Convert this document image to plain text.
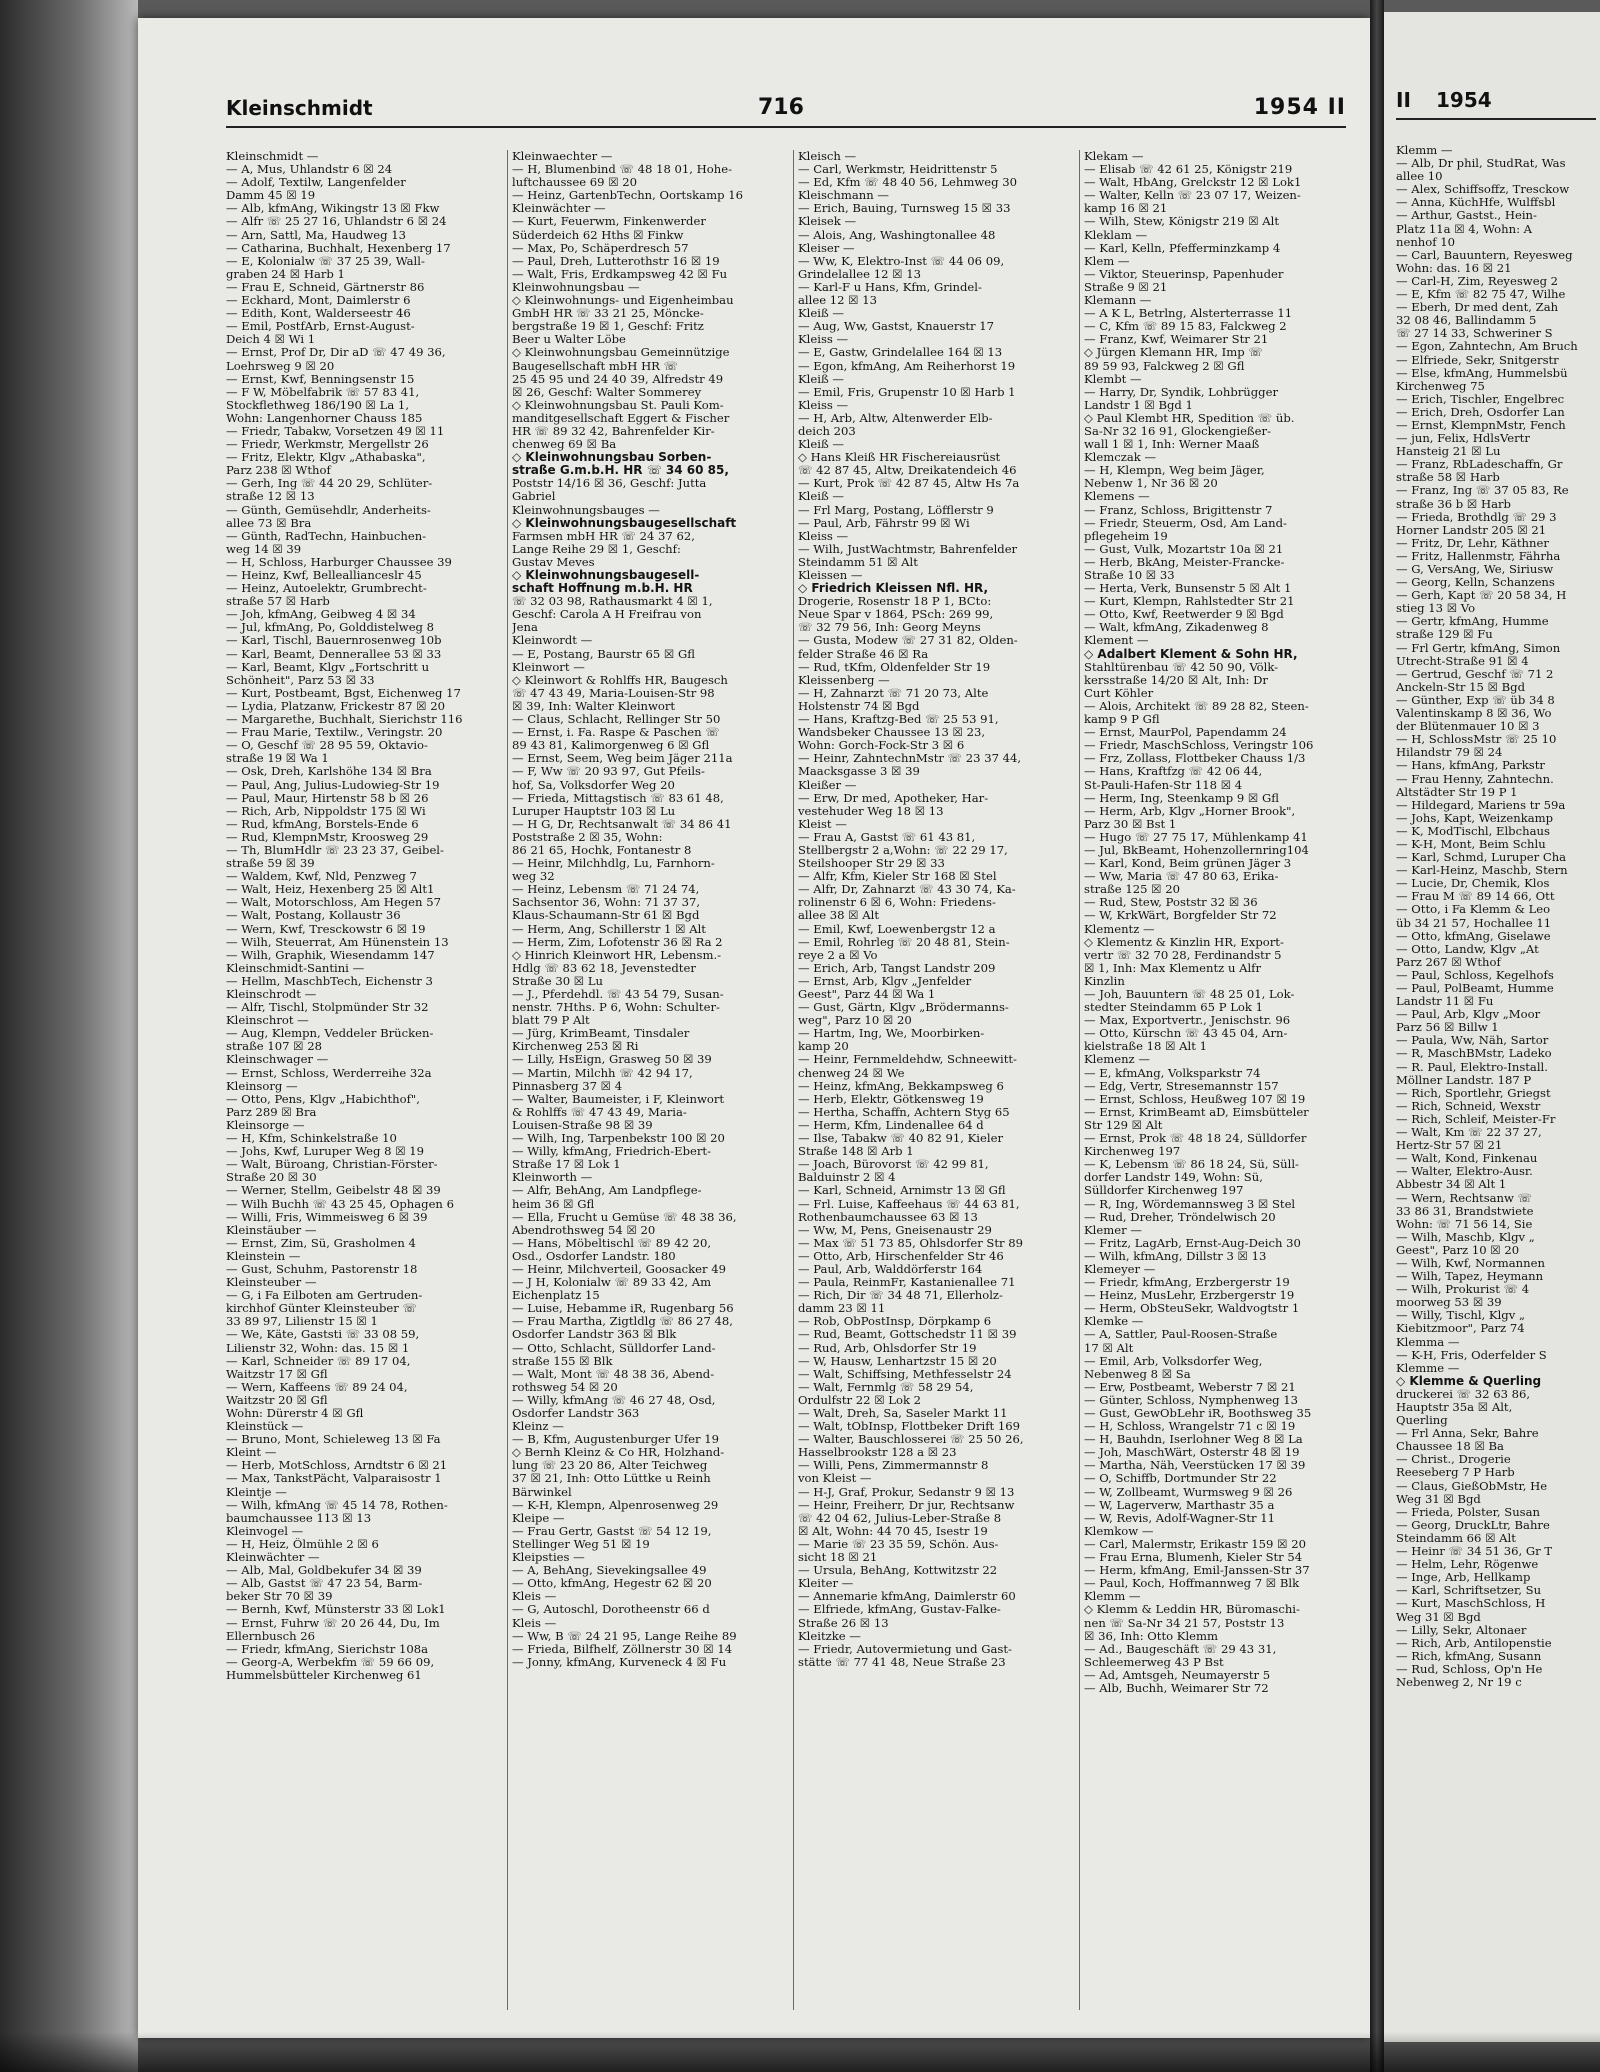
Kleinschmidt	716	1954 II
Kleinschmidt —
— A, Mus, Uhlandstr 6 ☒ 24
— Adolf, Textilw, Langenfelder
Damm 45 ☒ 19
— Alb, kfmAng, Wikingstr 13 ☒ Fkw
— Alfr ☏ 25 27 16, Uhlandstr 6 ☒ 24
— Arn, Sattl, Ma, Haudweg 13
— Catharina, Buchhalt, Hexenberg 17
— E, Kolonialw ☏ 37 25 39, Wall-
graben 24 ☒ Harb 1
— Frau E, Schneid, Gärtnerstr 86
— Eckhard, Mont, Daimlerstr 6
— Edith, Kont, Walderseestr 46
— Emil, PostfArb, Ernst-August-
Deich 4 ☒ Wi 1
— Ernst, Prof Dr, Dir aD ☏ 47 49 36,
Loehrsweg 9 ☒ 20
— Ernst, Kwf, Benningsenstr 15
— F W, Möbelfabrik ☏ 57 83 41,
Stockflethweg 186/190 ☒ La 1,
Wohn: Langenhorner Chauss 185
— Friedr, Tabakw, Vorsetzen 49 ☒ 11
— Friedr, Werkmstr, Mergellstr 26
— Fritz, Elektr, Klgv „Athabaska",
Parz 238 ☒ Wthof
— Gerh, Ing ☏ 44 20 29, Schlüter-
straße 12 ☒ 13
— Günth, Gemüsehdlr, Anderheits-
allee 73 ☒ Bra
— Günth, RadTechn, Hainbuchen-
weg 14 ☒ 39
— H, Schloss, Harburger Chaussee 39
— Heinz, Kwf, Belleallianceslr 45
— Heinz, Autoelektr, Grumbrecht-
straße 57 ☒ Harb
— Joh, kfmAng, Geibweg 4 ☒ 34
— Jul, kfmAng, Po, Golddistelweg 8
— Karl, Tischl, Bauernrosenweg 10b
— Karl, Beamt, Dennerallee 53 ☒ 33
— Karl, Beamt, Klgv „Fortschritt u
Schönheit", Parz 53 ☒ 33
— Kurt, Postbeamt, Bgst, Eichenweg 17
— Lydia, Platzanw, Frickestr 87 ☒ 20
— Margarethe, Buchhalt, Sierichstr 116
— Frau Marie, Textilw., Veringstr. 20
— O, Geschf ☏ 28 95 59, Oktavio-
straße 19 ☒ Wa 1
— Osk, Dreh, Karlshöhe 134 ☒ Bra
— Paul, Ang, Julius-Ludowieg-Str 19
— Paul, Maur, Hirtenstr 58 b ☒ 26
— Rich, Arb, Nippoldstr 175 ☒ Wi
— Rud, kfmAng, Borstels-Ende 6
— Rud, KlempnMstr, Kroosweg 29
— Th, BlumHdlr ☏ 23 23 37, Geibel-
straße 59 ☒ 39
— Waldem, Kwf, Nld, Penzweg 7
— Walt, Heiz, Hexenberg 25 ☒ Alt1
— Walt, Motorschloss, Am Hegen 57
— Walt, Postang, Kollaustr 36
— Wern, Kwf, Tresckowstr 6 ☒ 19
— Wilh, Steuerrat, Am Hünenstein 13
— Wilh, Graphik, Wiesendamm 147
Kleinschmidt-Santini —
— Hellm, MaschbTech, Eichenstr 3
Kleinschrodt —
— Alfr, Tischl, Stolpmünder Str 32
Kleinschrot —
— Aug, Klempn, Veddeler Brücken-
straße 107 ☒ 28
Kleinschwager —
— Ernst, Schloss, Werderreihe 32a
Kleinsorg —
— Otto, Pens, Klgv „Habichthof",
Parz 289 ☒ Bra
Kleinsorge —
— H, Kfm, Schinkelstraße 10
— Johs, Kwf, Luruper Weg 8 ☒ 19
— Walt, Büroang, Christian-Förster-
Straße 20 ☒ 30
— Werner, Stellm, Geibelstr 48 ☒ 39
— Wilh Buchh ☏ 43 25 45, Ophagen 6
— Willi, Fris, Wimmeisweg 6 ☒ 39
Kleinstäuber —
— Ernst, Zim, Sü, Grasholmen 4
Kleinstein —
— Gust, Schuhm, Pastorenstr 18
Kleinsteuber —
— G, i Fa Eilboten am Gertruden-
kirchhof Günter Kleinsteuber ☏
33 89 97, Lilienstr 15 ☒ 1
— We, Käte, Gaststi ☏ 33 08 59,
Lilienstr 32, Wohn: das. 15 ☒ 1
— Karl, Schneider ☏ 89 17 04,
Waitzstr 17 ☒ Gfl
— Wern, Kaffeens ☏ 89 24 04,
Waitzstr 20 ☒ Gfl
Wohn: Dürerstr 4 ☒ Gfl
Kleinstück —
— Bruno, Mont, Schieleweg 13 ☒ Fa
Kleint —
— Herb, MotSchloss, Arndtstr 6 ☒ 21
— Max, TankstPächt, Valparaisostr 1
Kleintje —
— Wilh, kfmAng ☏ 45 14 78, Rothen-
baumchaussee 113 ☒ 13
Kleinvogel —
— H, Heiz, Ölmühle 2 ☒ 6
Kleinwächter —
— Alb, Mal, Goldbekufer 34 ☒ 39
— Alb, Gastst ☏ 47 23 54, Barm-
beker Str 70 ☒ 39
— Bernh, Kwf, Münsterstr 33 ☒ Lok1
— Ernst, Fuhrw ☏ 20 26 44, Du, Im
Ellernbusch 26
— Friedr, kfmAng, Sierichstr 108a
— Georg-A, Werbekfm ☏ 59 66 09,
Hummelsbütteler Kirchenweg 61
Kleinwaechter —
— H, Blumenbind ☏ 48 18 01, Hohe-
luftchaussee 69 ☒ 20
— Heinz, GartenbTechn, Oortskamp 16
Kleinwächter —
— Kurt, Feuerwm, Finkenwerder
Süderdeich 62 Hths ☒ Finkw
— Max, Po, Schäperdresch 57
— Paul, Dreh, Lutterothstr 16 ☒ 19
— Walt, Fris, Erdkampsweg 42 ☒ Fu
Kleinwohnungsbau —
◇ Kleinwohnungs- und Eigenheimbau
GmbH HR ☏ 33 21 25, Möncke-
bergstraße 19 ☒ 1, Geschf: Fritz
Beer u Walter Löbe
◇ Kleinwohnungsbau Gemeinnützige
Baugesellschaft mbH HR ☏
25 45 95 und 24 40 39, Alfredstr 49
☒ 26, Geschf: Walter Sommerey
◇ Kleinwohnungsbau St. Pauli Kom-
manditgesellschaft Eggert & Fischer
HR ☏ 89 32 42, Bahrenfelder Kir-
chenweg 69 ☒ Ba
◇ Kleinwohnungsbau Sorben-
straße G.m.b.H. HR ☏ 34 60 85,
Poststr 14/16 ☒ 36, Geschf: Jutta
Gabriel
Kleinwohnungsbauges —
◇ Kleinwohnungsbaugesellschaft
Farmsen mbH HR ☏ 24 37 62,
Lange Reihe 29 ☒ 1, Geschf:
Gustav Meves
◇ Kleinwohnungsbaugesell-
schaft Hoffnung m.b.H. HR
☏ 32 03 98, Rathausmarkt 4 ☒ 1,
Geschf: Carola A H Freifrau von
Jena
Kleinwordt —
— E, Postang, Baurstr 65 ☒ Gfl
Kleinwort —
◇ Kleinwort & Rohlffs HR, Baugesch
☏ 47 43 49, Maria-Louisen-Str 98
☒ 39, Inh: Walter Kleinwort
— Claus, Schlacht, Rellinger Str 50
— Ernst, i. Fa. Raspe & Paschen ☏
89 43 81, Kalimorgenweg 6 ☒ Gfl
— Ernst, Seem, Weg beim Jäger 211a
— F, Ww ☏ 20 93 97, Gut Pfeils-
hof, Sa, Volksdorfer Weg 20
— Frieda, Mittagstisch ☏ 83 61 48,
Luruper Hauptstr 103 ☒ Lu
— H G, Dr, Rechtsanwalt ☏ 34 86 41
Poststraße 2 ☒ 35, Wohn:
86 21 65, Hochk, Fontanestr 8
— Heinr, Milchhdlg, Lu, Farnhorn-
weg 32
— Heinz, Lebensm ☏ 71 24 74,
Sachsentor 36, Wohn: 71 37 37,
Klaus-Schaumann-Str 61 ☒ Bgd
— Herm, Ang, Schillerstr 1 ☒ Alt
— Herm, Zim, Lofotenstr 36 ☒ Ra 2
◇ Hinrich Kleinwort HR, Lebensm.-
Hdlg ☏ 83 62 18, Jevenstedter
Straße 30 ☒ Lu
— J., Pferdehdl. ☏ 43 54 79, Susan-
nenstr. 7Hths. P 6, Wohn: Schulter-
blatt 79 P Alt
— Jürg, KrimBeamt, Tinsdaler
Kirchenweg 253 ☒ Ri
— Lilly, HsEign, Grasweg 50 ☒ 39
— Martin, Milchh ☏ 42 94 17,
Pinnasberg 37 ☒ 4
— Walter, Baumeister, i F, Kleinwort
& Rohlffs ☏ 47 43 49, Maria-
Louisen-Straße 98 ☒ 39
— Wilh, Ing, Tarpenbekstr 100 ☒ 20
— Willy, kfmAng, Friedrich-Ebert-
Straße 17 ☒ Lok 1
Kleinworth —
— Alfr, BehAng, Am Landpflege-
heim 36 ☒ Gfl
— Ella, Frucht u Gemüse ☏ 48 38 36,
Abendrothsweg 54 ☒ 20
— Hans, Möbeltischl ☏ 89 42 20,
Osd., Osdorfer Landstr. 180
— Heinr, Milchverteil, Goosacker 49
— J H, Kolonialw ☏ 89 33 42, Am
Eichenplatz 15
— Luise, Hebamme iR, Rugenbarg 56
— Frau Martha, Zigtldlg ☏ 86 27 48,
Osdorfer Landstr 363 ☒ Blk
— Otto, Schlacht, Sülldorfer Land-
straße 155 ☒ Blk
— Walt, Mont ☏ 48 38 36, Abend-
rothsweg 54 ☒ 20
— Willy, kfmAng ☏ 46 27 48, Osd,
Osdorfer Landstr 363
Kleinz —
— B, Kfm, Augustenburger Ufer 19
◇ Bernh Kleinz & Co HR, Holzhand-
lung ☏ 23 20 86, Alter Teichweg
37 ☒ 21, Inh: Otto Lüttke u Reinh
Bärwinkel
— K-H, Klempn, Alpenrosenweg 29
Kleipe —
— Frau Gertr, Gastst ☏ 54 12 19,
Stellinger Weg 51 ☒ 19
Kleipsties —
— A, BehAng, Sievekingsallee 49
— Otto, kfmAng, Hegestr 62 ☒ 20
Kleis —
— G, Autoschl, Dorotheenstr 66 d
Kleis —
— Ww, B ☏ 24 21 95, Lange Reihe 89
— Frieda, Bilfhelf, Zöllnerstr 30 ☒ 14
— Jonny, kfmAng, Kurveneck 4 ☒ Fu
Kleisch —
— Carl, Werkmstr, Heidrittenstr 5
— Ed, Kfm ☏ 48 40 56, Lehmweg 30
Kleischmann —
— Erich, Bauing, Turnsweg 15 ☒ 33
Kleisek —
— Alois, Ang, Washingtonallee 48
Kleiser —
— Ww, K, Elektro-Inst ☏ 44 06 09,
Grindelallee 12 ☒ 13
— Karl-F u Hans, Kfm, Grindel-
allee 12 ☒ 13
Kleiß —
— Aug, Ww, Gastst, Knauerstr 17
Kleiss —
— E, Gastw, Grindelallee 164 ☒ 13
— Egon, kfmAng, Am Reiherhorst 19
Kleiß —
— Emil, Fris, Grupenstr 10 ☒ Harb 1
Kleiss —
— H, Arb, Altw, Altenwerder Elb-
deich 203
Kleiß —
◇ Hans Kleiß HR Fischereiausrüst
☏ 42 87 45, Altw, Dreikatendeich 46
— Kurt, Prok ☏ 42 87 45, Altw Hs 7a
Kleiß —
— Frl Marg, Postang, Löfflerstr 9
— Paul, Arb, Fährstr 99 ☒ Wi
Kleiss —
— Wilh, JustWachtmstr, Bahrenfelder
Steindamm 51 ☒ Alt
Kleissen —
◇ Friedrich Kleissen Nfl. HR,
Drogerie, Rosenstr 18 P 1, BCto:
Neue Spar v 1864, PSch: 269 99,
☏ 32 79 56, Inh: Georg Meyns
— Gusta, Modew ☏ 27 31 82, Olden-
felder Straße 46 ☒ Ra
— Rud, tKfm, Oldenfelder Str 19
Kleissenberg —
— H, Zahnarzt ☏ 71 20 73, Alte
Holstenstr 74 ☒ Bgd
— Hans, Kraftzg-Bed ☏ 25 53 91,
Wandsbeker Chaussee 13 ☒ 23,
Wohn: Gorch-Fock-Str 3 ☒ 6
— Heinr, ZahntechnMstr ☏ 23 37 44,
Maacksgasse 3 ☒ 39
Kleißer —
— Erw, Dr med, Apotheker, Har-
vestehuder Weg 18 ☒ 13
Kleist —
— Frau A, Gastst ☏ 61 43 81,
Stellbergstr 2 a,Wohn: ☏ 22 29 17,
Steilshooper Str 29 ☒ 33
— Alfr, Kfm, Kieler Str 168 ☒ Stel
— Alfr, Dr, Zahnarzt ☏ 43 30 74, Ka-
rolinenstr 6 ☒ 6, Wohn: Friedens-
allee 38 ☒ Alt
— Emil, Kwf, Loewenbergstr 12 a
— Emil, Rohrleg ☏ 20 48 81, Stein-
reye 2 a ☒ Vo
— Erich, Arb, Tangst Landstr 209
— Ernst, Arb, Klgv „Jenfelder
Geest", Parz 44 ☒ Wa 1
— Gust, Gärtn, Klgv „Brödermanns-
weg", Parz 10 ☒ 20
— Hartm, Ing, We, Moorbirken-
kamp 20
— Heinr, Fernmeldehdw, Schneewitt-
chenweg 24 ☒ We
— Heinz, kfmAng, Bekkampsweg 6
— Herb, Elektr, Götkensweg 19
— Hertha, Schaffn, Achtern Styg 65
— Herm, Kfm, Lindenallee 64 d
— Ilse, Tabakw ☏ 40 82 91, Kieler
Straße 148 ☒ Arb 1
— Joach, Bürovorst ☏ 42 99 81,
Balduinstr 2 ☒ 4
— Karl, Schneid, Arnimstr 13 ☒ Gfl
— Frl. Luise, Kaffeehaus ☏ 44 63 81,
Rothenbaumchaussee 63 ☒ 13
— Ww, M, Pens, Gneisenaustr 29
— Max ☏ 51 73 85, Ohlsdorfer Str 89
— Otto, Arb, Hirschenfelder Str 46
— Paul, Arb, Walddörferstr 164
— Paula, ReinmFr, Kastanienallee 71
— Rich, Dir ☏ 34 48 71, Ellerholz-
damm 23 ☒ 11
— Rob, ObPostInsp, Dörpkamp 6
— Rud, Beamt, Gottschedstr 11 ☒ 39
— Rud, Arb, Ohlsdorfer Str 19
— W, Hausw, Lenhartzstr 15 ☒ 20
— Walt, Schiffsing, Methfesselstr 24
— Walt, Fernmlg ☏ 58 29 54,
Ordulfstr 22 ☒ Lok 2
— Walt, Dreh, Sa, Saseler Markt 11
— Walt, tObInsp, Flottbeker Drift 169
— Walter, Bauschlosserei ☏ 25 50 26,
Hasselbrookstr 128 a ☒ 23
— Willi, Pens, Zimmermannstr 8
von Kleist —
— H-J, Graf, Prokur, Sedanstr 9 ☒ 13
— Heinr, Freiherr, Dr jur, Rechtsanw
☏ 42 04 62, Julius-Leber-Straße 8
☒ Alt, Wohn: 44 70 45, Isestr 19
— Marie ☏ 23 35 59, Schön. Aus-
sicht 18 ☒ 21
— Ursula, BehAng, Kottwitzstr 22
Kleiter —
— Annemarie kfmAng, Daimlerstr 60
— Elfriede, kfmAng, Gustav-Falke-
Straße 26 ☒ 13
Kleitzke —
— Friedr, Autovermietung und Gast-
stätte ☏ 77 41 48, Neue Straße 23
Klekam —
— Elisab ☏ 42 61 25, Königstr 219
— Walt, HbAng, Grelckstr 12 ☒ Lok1
— Walter, Kelln ☏ 23 07 17, Weizen-
kamp 16 ☒ 21
— Wilh, Stew, Königstr 219 ☒ Alt
Kleklam —
— Karl, Kelln, Pfefferminzkamp 4
Klem —
— Viktor, Steuerinsp, Papenhuder
Straße 9 ☒ 21
Klemann —
— A K L, Betrlng, Alsterterrasse 11
— C, Kfm ☏ 89 15 83, Falckweg 2
— Franz, Kwf, Weimarer Str 21
◇ Jürgen Klemann HR, Imp ☏
89 59 93, Falckweg 2 ☒ Gfl
Klembt —
— Harry, Dr, Syndik, Lohbrügger
Landstr 1 ☒ Bgd 1
◇ Paul Klembt HR, Spedition ☏ üb.
Sa-Nr 32 16 91, Glockengießer-
wall 1 ☒ 1, Inh: Werner Maaß
Klemczak —
— H, Klempn, Weg beim Jäger,
Nebenw 1, Nr 36 ☒ 20
Klemens —
— Franz, Schloss, Brigittenstr 7
— Friedr, Steuerm, Osd, Am Land-
pflegeheim 19
— Gust, Vulk, Mozartstr 10a ☒ 21
— Herb, BkAng, Meister-Francke-
Straße 10 ☒ 33
— Herta, Verk, Bunsenstr 5 ☒ Alt 1
— Kurt, Klempn, Rahlstedter Str 21
— Otto, Kwf, Reetwerder 9 ☒ Bgd
— Walt, kfmAng, Zikadenweg 8
Klement —
◇ Adalbert Klement & Sohn HR,
Stahltürenbau ☏ 42 50 90, Völk-
kersstraße 14/20 ☒ Alt, Inh: Dr
Curt Köhler
— Alois, Architekt ☏ 89 28 82, Steen-
kamp 9 P Gfl
— Ernst, MaurPol, Papendamm 24
— Friedr, MaschSchloss, Veringstr 106
— Frz, Zollass, Flottbeker Chauss 1/3
— Hans, Kraftfzg ☏ 42 06 44,
St-Pauli-Hafen-Str 118 ☒ 4
— Herm, Ing, Steenkamp 9 ☒ Gfl
— Herm, Arb, Klgv „Horner Brook",
Parz 30 ☒ Bst 1
— Hugo ☏ 27 75 17, Mühlenkamp 41
— Jul, BkBeamt, Hohenzollernring104
— Karl, Kond, Beim grünen Jäger 3
— Ww, Maria ☏ 47 80 63, Erika-
straße 125 ☒ 20
— Rud, Stew, Poststr 32 ☒ 36
— W, KrkWärt, Borgfelder Str 72
Klementz —
◇ Klementz & Kinzlin HR, Export-
vertr ☏ 32 70 28, Ferdinandstr 5
☒ 1, Inh: Max Klementz u Alfr
Kinzlin
— Joh, Bauuntern ☏ 48 25 01, Lok-
stedter Steindamm 65 P Lok 1
— Max, Exportvertr., Jenischstr. 96
— Otto, Kürschn ☏ 43 45 04, Arn-
kielstraße 18 ☒ Alt 1
Klemenz —
— E, kfmAng, Volksparkstr 74
— Edg, Vertr, Stresemannstr 157
— Ernst, Schloss, Heußweg 107 ☒ 19
— Ernst, KrimBeamt aD, Eimsbütteler
Str 129 ☒ Alt
— Ernst, Prok ☏ 48 18 24, Sülldorfer
Kirchenweg 197
— K, Lebensm ☏ 86 18 24, Sü, Süll-
dorfer Landstr 149, Wohn: Sü,
Sülldorfer Kirchenweg 197
— R, Ing, Wördemannsweg 3 ☒ Stel
— Rud, Dreher, Tröndelwisch 20
Klemer —
— Fritz, LagArb, Ernst-Aug-Deich 30
— Wilh, kfmAng, Dillstr 3 ☒ 13
Klemeyer —
— Friedr, kfmAng, Erzbergerstr 19
— Heinz, MusLehr, Erzbergerstr 19
— Herm, ObSteuSekr, Waldvogtstr 1
Klemke —
— A, Sattler, Paul-Roosen-Straße
17 ☒ Alt
— Emil, Arb, Volksdorfer Weg,
Nebenweg 8 ☒ Sa
— Erw, Postbeamt, Weberstr 7 ☒ 21
— Günter, Schloss, Nymphenweg 13
— Gust, GewObLehr iR, Boothsweg 35
— H, Schloss, Wrangelstr 71 c ☒ 19
— H, Bauhdn, Iserlohner Weg 8 ☒ La
— Joh, MaschWärt, Osterstr 48 ☒ 19
— Martha, Näh, Veerstücken 17 ☒ 39
— O, Schiffb, Dortmunder Str 22
— W, Zollbeamt, Wurmsweg 9 ☒ 26
— W, Lagerverw, Marthastr 35 a
— W, Revis, Adolf-Wagner-Str 11
Klemkow —
— Carl, Malermstr, Erikastr 159 ☒ 20
— Frau Erna, Blumenh, Kieler Str 54
— Herm, kfmAng, Emil-Janssen-Str 37
— Paul, Koch, Hoffmannweg 7 ☒ Blk
Klemm —
◇ Klemm & Leddin HR, Büromaschi-
nen ☏ Sa-Nr 34 21 57, Poststr 13
☒ 36, Inh: Otto Klemm
— Ad., Baugeschäft ☏ 29 43 31,
Schleemerweg 43 P Bst
— Ad, Amtsgeh, Neumayerstr 5
— Alb, Buchh, Weimarer Str 72
II 1954
Klemm —
— Alb, Dr phil, StudRat, Was
allee 10
— Alex, Schiffsoffz, Tresckow
— Anna, KüchHfe, Wulffsbl
— Arthur, Gastst., Hein-
Platz 11a ☒ 4, Wohn: A
nenhof 10
— Carl, Bauuntern, Reyesweg
Wohn: das. 16 ☒ 21
— Carl-H, Zim, Reyesweg 2
— E, Kfm ☏ 82 75 47, Wilhe
— Eberh, Dr med dent, Zah
32 08 46, Ballindamm 5
☏ 27 14 33, Schweriner S
— Egon, Zahntechn, Am Bruch
— Elfriede, Sekr, Snitgerstr
— Else, kfmAng, Hummelsbü
Kirchenweg 75
— Erich, Tischler, Engelbrec
— Erich, Dreh, Osdorfer Lan
— Ernst, KlempnMstr, Fench
— jun, Felix, HdlsVertr
Hansteig 21 ☒ Lu
— Franz, RbLadeschaffn, Gr
straße 58 ☒ Harb
— Franz, Ing ☏ 37 05 83, Re
straße 36 b ☒ Harb
— Frieda, Brothdlg ☏ 29 3
Horner Landstr 205 ☒ 21
— Fritz, Dr, Lehr, Käthner
— Fritz, Hallenmstr, Fährha
— G, VersAng, We, Siriusw
— Georg, Kelln, Schanzens
— Gerh, Kapt ☏ 20 58 34, H
stieg 13 ☒ Vo
— Gertr, kfmAng, Humme
straße 129 ☒ Fu
— Frl Gertr, kfmAng, Simon
Utrecht-Straße 91 ☒ 4
— Gertrud, Geschf ☏ 71 2
Anckeln-Str 15 ☒ Bgd
— Günther, Exp ☏ üb 34 8
Valentinskamp 8 ☒ 36, Wo
der Blütenmauer 10 ☒ 3
— H, SchlossMstr ☏ 25 10
Hilandstr 79 ☒ 24
— Hans, kfmAng, Parkstr
— Frau Henny, Zahntechn.
Altstädter Str 19 P 1
— Hildegard, Mariens tr 59a
— Johs, Kapt, Weizenkamp
— K, ModTischl, Elbchaus
— K-H, Mont, Beim Schlu
— Karl, Schmd, Luruper Cha
— Karl-Heinz, Maschb, Stern
— Lucie, Dr, Chemik, Klos
— Frau M ☏ 89 14 66, Ott
— Otto, i Fa Klemm & Leo
üb 34 21 57, Hochallee 11
— Otto, kfmAng, Giselawe
— Otto, Landw, Klgv „At
Parz 267 ☒ Wthof
— Paul, Schloss, Kegelhofs
— Paul, PolBeamt, Humme
Landstr 11 ☒ Fu
— Paul, Arb, Klgv „Moor
Parz 56 ☒ Billw 1
— Paula, Ww, Näh, Sartor
— R, MaschBMstr, Ladeko
— R. Paul, Elektro-Install.
Möllner Landstr. 187 P
— Rich, Sportlehr, Griegst
— Rich, Schneid, Wexstr
— Rich, Schleif, Meister-Fr
— Walt, Km ☏ 22 37 27,
Hertz-Str 57 ☒ 21
— Walt, Kond, Finkenau
— Walter, Elektro-Ausr.
Abbestr 34 ☒ Alt 1
— Wern, Rechtsanw ☏
33 86 31, Brandstwiete
Wohn: ☏ 71 56 14, Sie
— Wilh, Maschb, Klgv „
Geest", Parz 10 ☒ 20
— Wilh, Kwf, Normannen
— Wilh, Tapez, Heymann
— Wilh, Prokurist ☏ 4
moorweg 53 ☒ 39
— Willy, Tischl, Klgv „
Kiebitzmoor", Parz 74
Klemma —
— K-H, Fris, Oderfelder S
Klemme —
◇ Klemme & Querling
druckerei ☏ 32 63 86,
Hauptstr 35a ☒ Alt,
Querling
— Frl Anna, Sekr, Bahre
Chaussee 18 ☒ Ba
— Christ., Drogerie
Reeseberg 7 P Harb
— Claus, GießObMstr, He
Weg 31 ☒ Bgd
— Frieda, Polster, Susan
— Georg, DruckLtr, Bahre
Steindamm 66 ☒ Alt
— Heinr ☏ 34 51 36, Gr T
— Helm, Lehr, Rögenwe
— Inge, Arb, Hellkamp
— Karl, Schriftsetzer, Su
— Kurt, MaschSchloss, H
Weg 31 ☒ Bgd
— Lilly, Sekr, Altonaer
— Rich, Arb, Antilopenstie
— Rich, kfmAng, Susann
— Rud, Schloss, Op'n He
Nebenweg 2, Nr 19 c
